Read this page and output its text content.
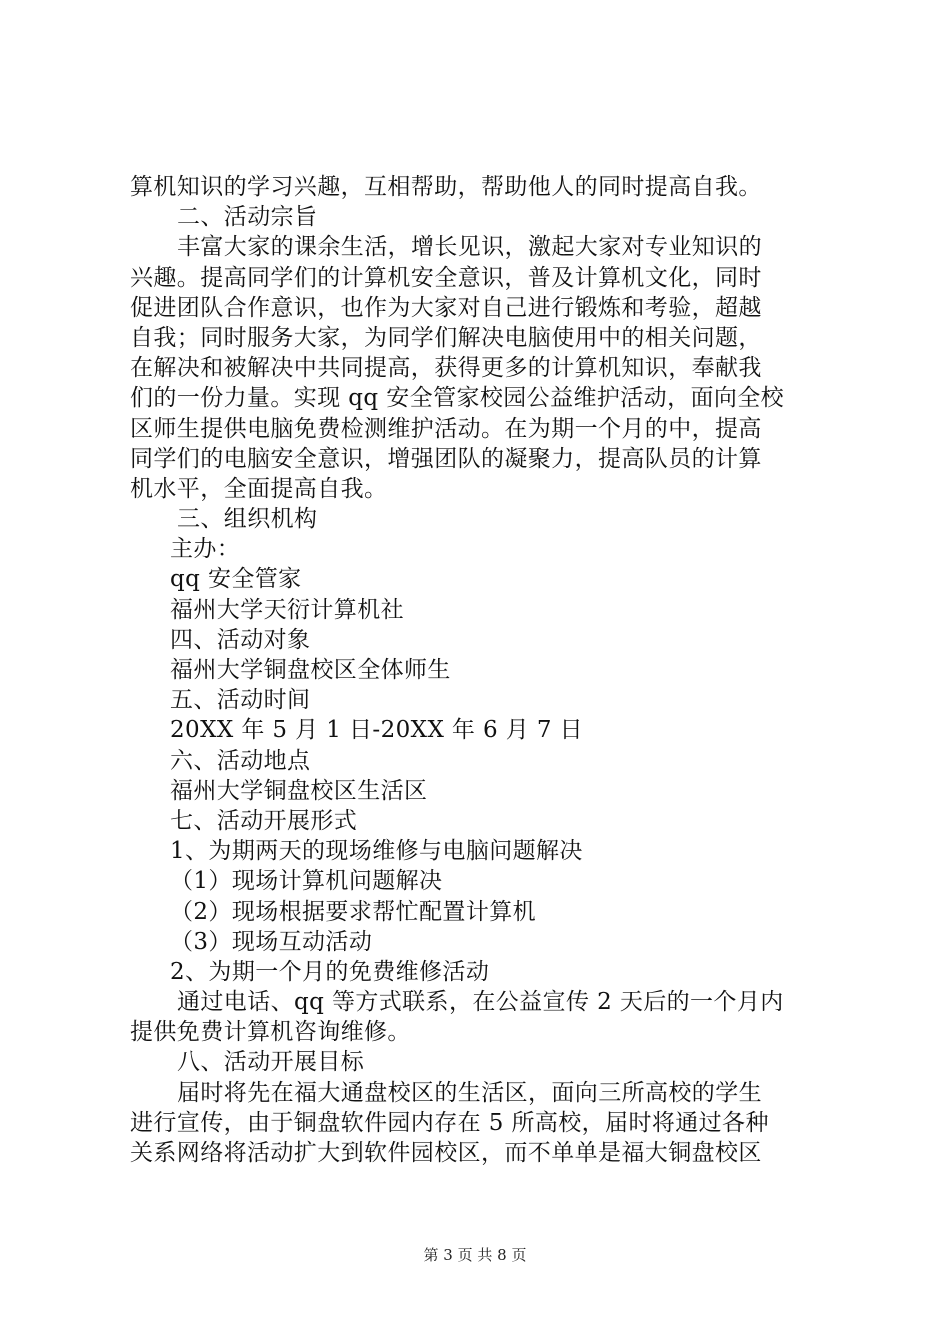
算机知识的学习兴趣，互相帮助，帮助他人的同时提高自我。
二、活动宗旨
丰富大家的课余生活，增长见识，激起大家对专业知识的
兴趣。提高同学们的计算机安全意识，普及计算机文化，同时
促进团队合作意识，也作为大家对自己进行锻炼和考验，超越
自我；同时服务大家，为同学们解决电脑使用中的相关问题，
在解决和被解决中共同提高，获得更多的计算机知识，奉献我
们的一份力量。实现 qq 安全管家校园公益维护活动，面向全校
区师生提供电脑免费检测维护活动。在为期一个月的中，提高
同学们的电脑安全意识，增强团队的凝聚力，提高队员的计算
机水平，全面提高自我。
三、组织机构
主办：
qq 安全管家
福州大学天衍计算机社
四、活动对象
福州大学铜盘校区全体师生
五、活动时间
20XX 年 5 月 1 日-20XX 年 6 月 7 日
六、活动地点
福州大学铜盘校区生活区
七、活动开展形式
1、为期两天的现场维修与电脑问题解决
（1）现场计算机问题解决
（2）现场根据要求帮忙配置计算机
（3）现场互动活动
2、为期一个月的免费维修活动
通过电话、qq 等方式联系，在公益宣传 2 天后的一个月内
提供免费计算机咨询维修。
八、活动开展目标
届时将先在福大通盘校区的生活区，面向三所高校的学生
进行宣传，由于铜盘软件园内存在 5 所高校，届时将通过各种
关系网络将活动扩大到软件园校区，而不单单是福大铜盘校区
第 3 页 共 8 页
